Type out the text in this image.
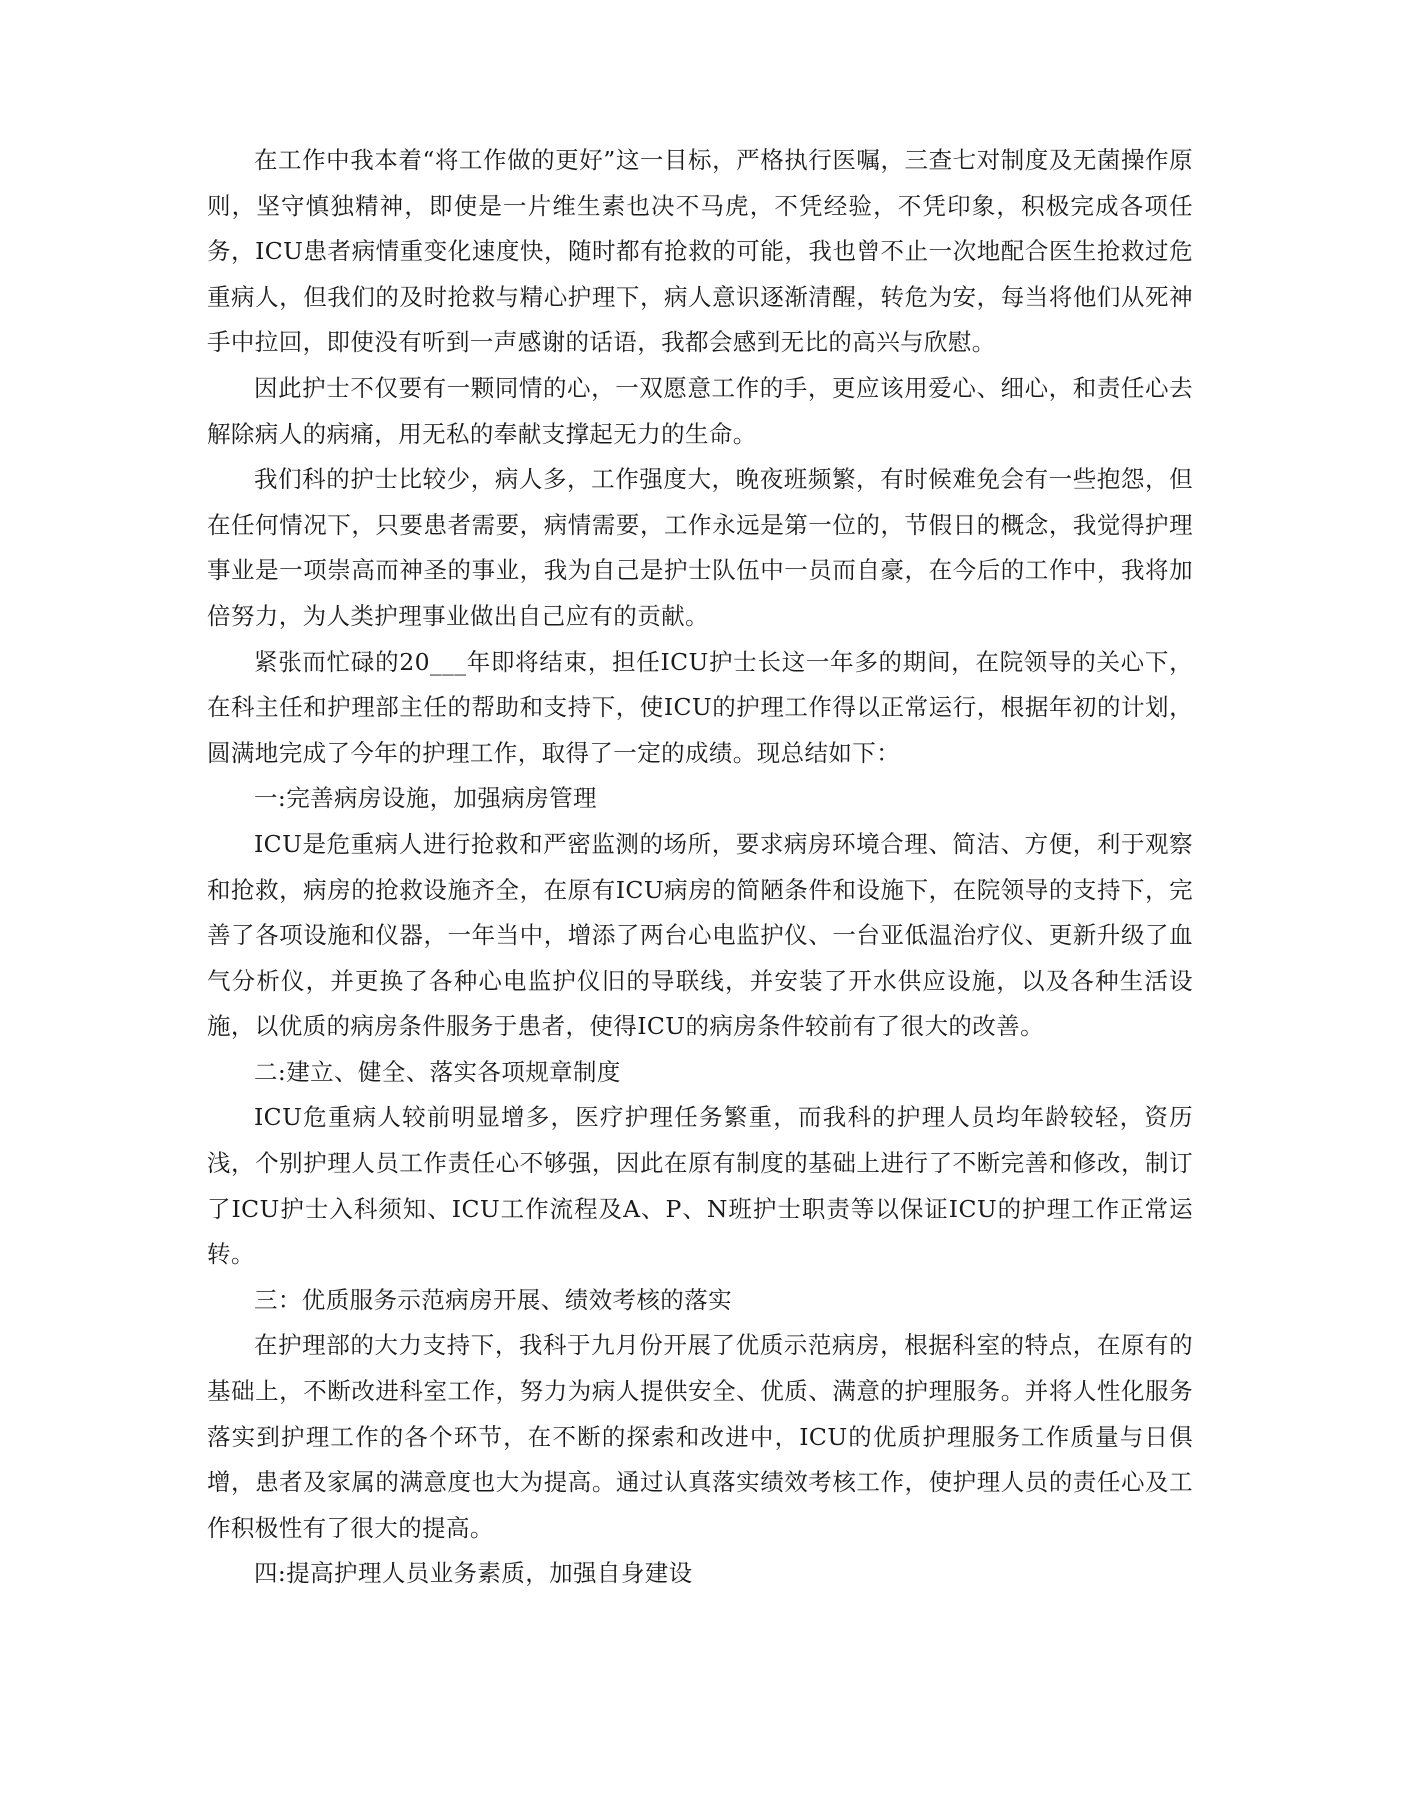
在工作中我本着“将工作做的更好”这一目标，严格执行医嘱，三查七对制度及无菌操作原则，坚守慎独精神，即使是一片维生素也决不马虎，不凭经验，不凭印象，积极完成各项任务，ICU患者病情重变化速度快，随时都有抢救的可能，我也曾不止一次地配合医生抢救过危重病人，但我们的及时抢救与精心护理下，病人意识逐渐清醒，转危为安，每当将他们从死神手中拉回，即使没有听到一声感谢的话语，我都会感到无比的高兴与欣慰。

因此护士不仅要有一颗同情的心，一双愿意工作的手，更应该用爱心、细心，和责任心去解除病人的病痛，用无私的奉献支撑起无力的生命。

我们科的护士比较少，病人多，工作强度大，晚夜班频繁，有时候难免会有一些抱怨，但在任何情况下，只要患者需要，病情需要，工作永远是第一位的，节假日的概念，我觉得护理事业是一项崇高而神圣的事业，我为自己是护士队伍中一员而自豪，在今后的工作中，我将加倍努力，为人类护理事业做出自己应有的贡献。

紧张而忙碌的20___年即将结束，担任ICU护士长这一年多的期间，在院领导的关心下，在科主任和护理部主任的帮助和支持下，使ICU的护理工作得以正常运行，根据年初的计划，圆满地完成了今年的护理工作，取得了一定的成绩。现总结如下：

一:完善病房设施，加强病房管理

ICU是危重病人进行抢救和严密监测的场所，要求病房环境合理、简洁、方便，利于观察和抢救，病房的抢救设施齐全，在原有ICU病房的简陋条件和设施下，在院领导的支持下，完善了各项设施和仪器，一年当中，增添了两台心电监护仪、一台亚低温治疗仪、更新升级了血气分析仪，并更换了各种心电监护仪旧的导联线，并安装了开水供应设施，以及各种生活设施，以优质的病房条件服务于患者，使得ICU的病房条件较前有了很大的改善。

二:建立、健全、落实各项规章制度

ICU危重病人较前明显增多，医疗护理任务繁重，而我科的护理人员均年龄较轻，资历浅，个别护理人员工作责任心不够强，因此在原有制度的基础上进行了不断完善和修改，制订了ICU护士入科须知、ICU工作流程及A、P、N班护士职责等以保证ICU的护理工作正常运转。

三：优质服务示范病房开展、绩效考核的落实

在护理部的大力支持下，我科于九月份开展了优质示范病房，根据科室的特点，在原有的基础上，不断改进科室工作，努力为病人提供安全、优质、满意的护理服务。并将人性化服务落实到护理工作的各个环节，在不断的探索和改进中，ICU的优质护理服务工作质量与日俱增，患者及家属的满意度也大为提高。通过认真落实绩效考核工作，使护理人员的责任心及工作积极性有了很大的提高。

四:提高护理人员业务素质，加强自身建设
